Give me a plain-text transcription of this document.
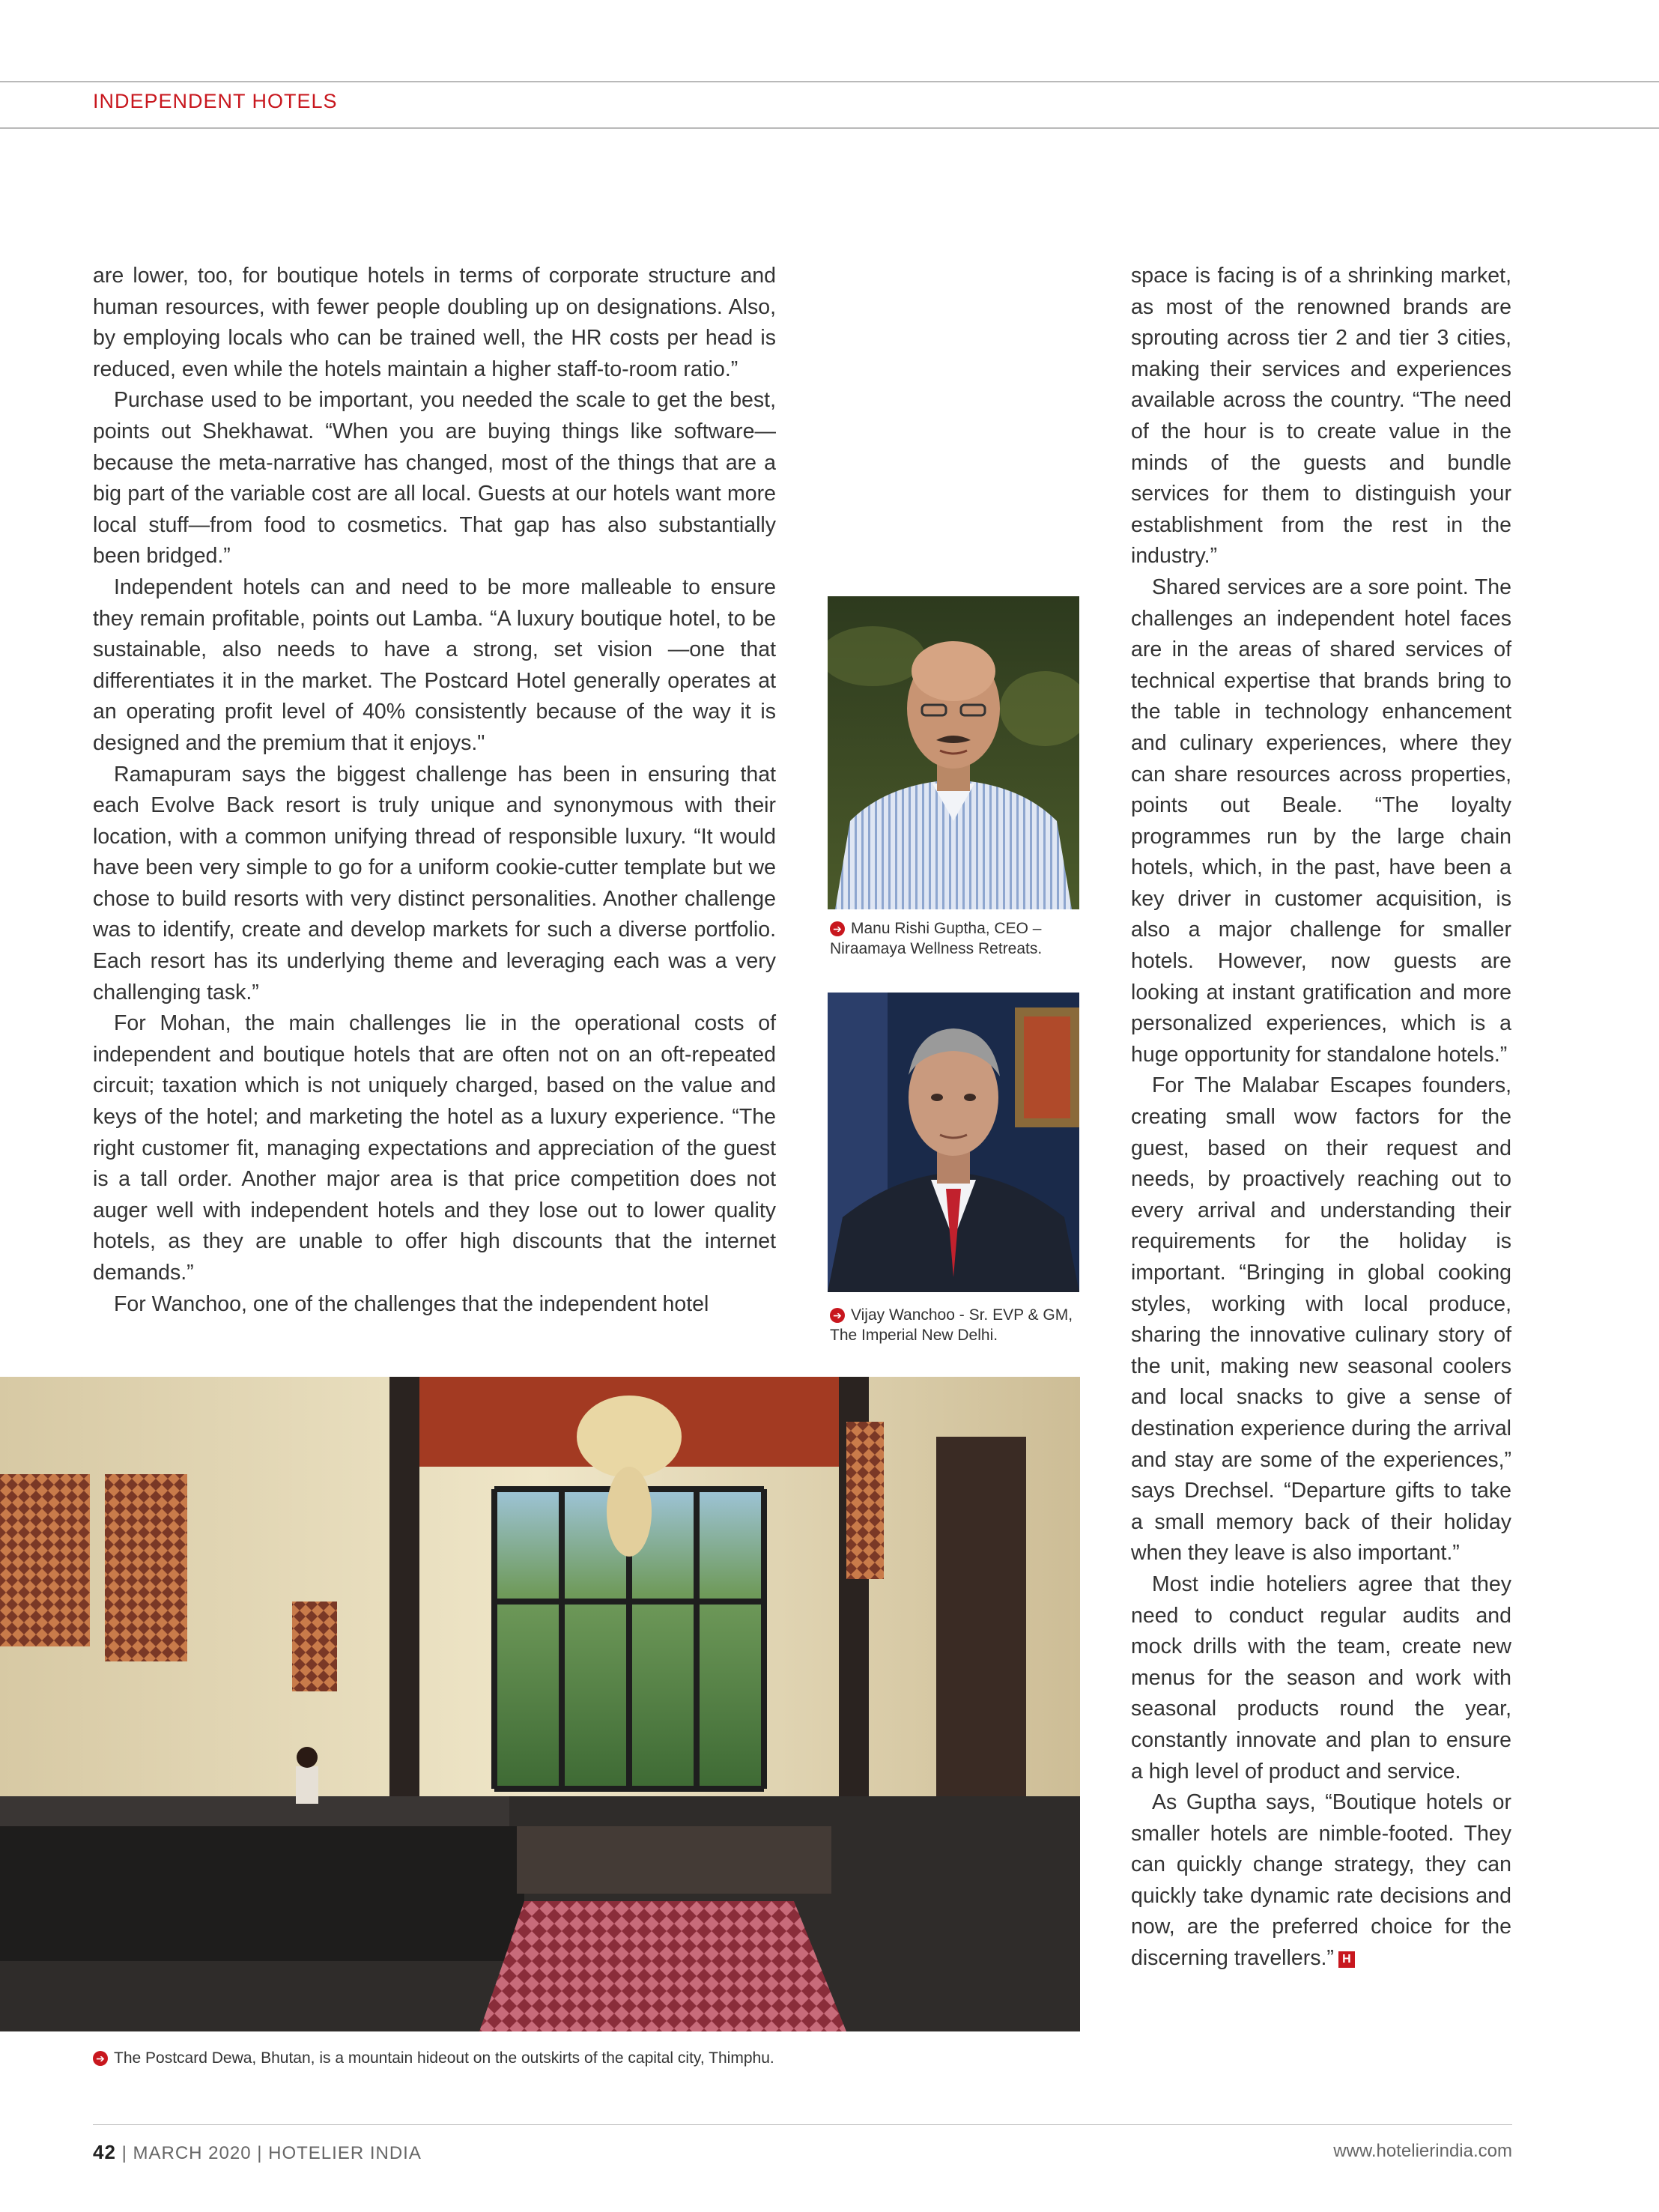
INDEPENDENT HOTELS

are lower, too, for boutique hotels in terms of corporate structure and human resources, with fewer people doubling up on designations. Also, by employing locals who can be trained well, the HR costs per head is reduced, even while the hotels maintain a higher staff-to-room ratio.”

Purchase used to be important, you needed the scale to get the best, points out Shekhawat. “When you are buying things like software—because the meta-narrative has changed, most of the things that are a big part of the variable cost are all local. Guests at our hotels want more local stuff—from food to cosmetics. That gap has also substantially been bridged.”

Independent hotels can and need to be more malleable to ensure they remain profitable, points out Lamba. “A luxury boutique hotel, to be sustainable, also needs to have a strong, set vision —one that differentiates it in the market. The Postcard Hotel generally operates at an operating profit level of 40% consistently because of the way it is designed and the premium that it enjoys."

Ramapuram says the biggest challenge has been in ensuring that each Evolve Back resort is truly unique and synonymous with their location, with a common unifying thread of responsible luxury. “It would have been very simple to go for a uniform cookie-cutter template but we chose to build resorts with very distinct personalities. Another challenge was to identify, create and develop markets for such a diverse portfolio. Each resort has its underlying theme and leveraging each was a very challenging task.”

For Mohan, the main challenges lie in the operational costs of independent and boutique hotels that are often not on an oft-repeated circuit; taxation which is not uniquely charged, based on the value and keys of the hotel; and marketing the hotel as a luxury experience. “The right customer fit, managing expectations and appreciation of the guest is a tall order. Another major area is that price competition does not auger well with independent hotels and they lose out to lower quality hotels, as they are unable to offer high discounts that the internet demands.”

For Wanchoo, one of the challenges that the independent hotel

space is facing is of a shrinking market, as most of the renowned brands are sprouting across tier 2 and tier 3 cities, making their services and experiences available across the country. “The need of the hour is to create value in the minds of the guests and bundle services for them to distinguish your establishment from the rest in the industry.”

Shared services are a sore point. The challenges an independent hotel faces are in the areas of shared services of technical expertise that brands bring to the table in technology enhancement and culinary experiences, where they can share resources across properties, points out Beale. “The loyalty programmes run by the large chain hotels, which, in the past, have been a key driver in customer acquisition, is also a major challenge for smaller hotels. However, now guests are looking at instant gratification and more personalized experiences, which is a huge opportunity for standalone hotels.”

For The Malabar Escapes founders, creating small wow factors for the guest, based on their request and needs, by proactively reaching out to every arrival and understanding their requirements for the holiday is important. “Bringing in global cooking styles, working with local produce, sharing the innovative culinary story of the unit, making new seasonal coolers and local snacks to give a sense of destination experience during the arrival and stay are some of the experiences,” says Drechsel. “Departure gifts to take a small memory back of their holiday when they leave is also important.”

Most indie hoteliers agree that they need to conduct regular audits and mock drills with the team, create new menus for the season and work with seasonal products round the year, constantly innovate and plan to ensure a high level of product and service.

As Guptha says, “Boutique hotels or smaller hotels are nimble-footed. They can quickly change strategy, they can quickly take dynamic rate decisions and now, are the preferred choice for the discerning travellers.” H

➔ Manu Rishi Guptha, CEO – Niraamaya Wellness Retreats.
➔ Vijay Wanchoo - Sr. EVP & GM, The Imperial New Delhi.
➔ The Postcard Dewa, Bhutan, is a mountain hideout on the outskirts of the capital city, Thimphu.
42 | MARCH 2020 | HOTELIER INDIA	www.hotelierindia.com
